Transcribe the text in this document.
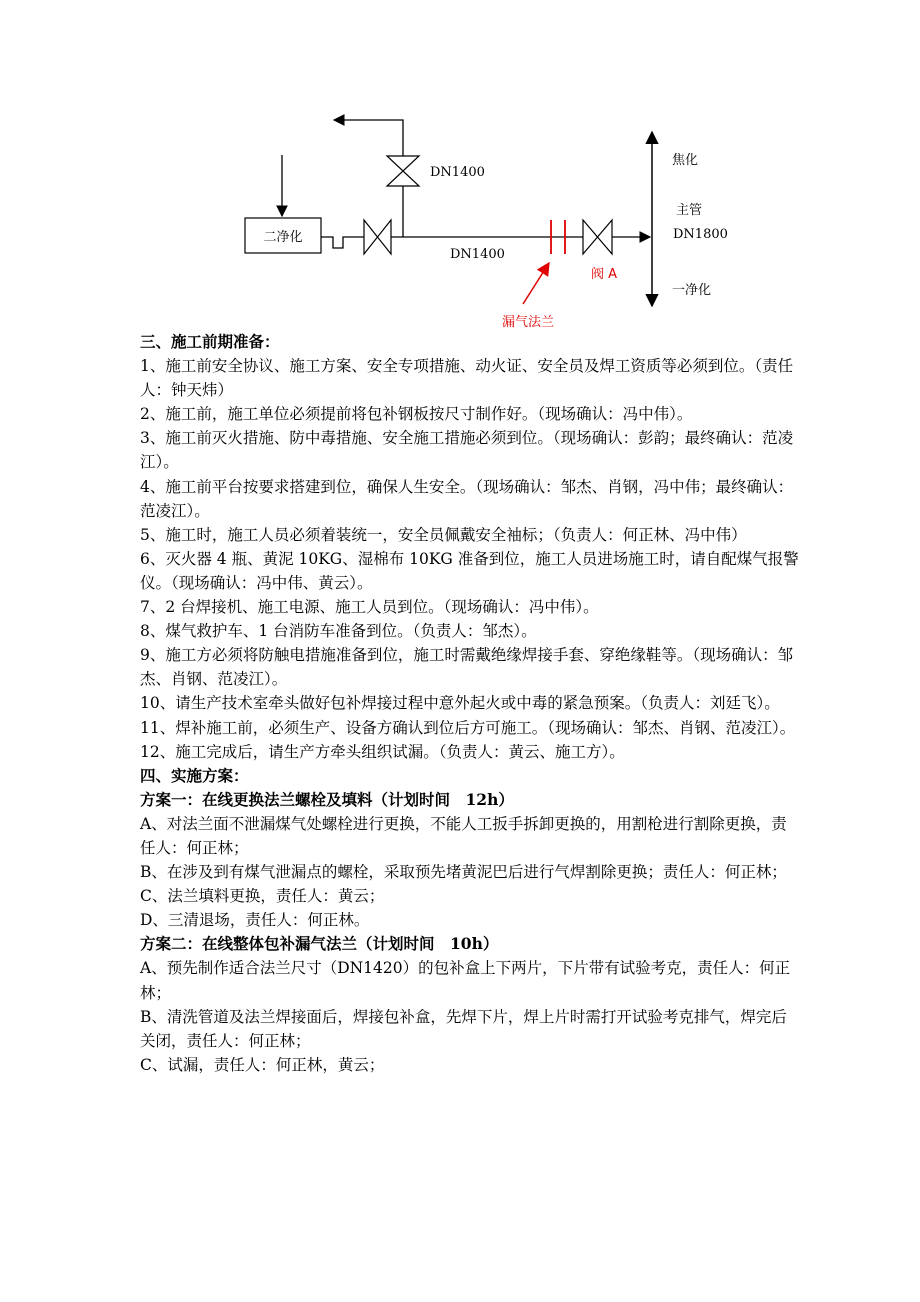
二净化
DN1400
DN1400
阀 A
焦化
主管
DN1800
一净化
漏气法兰

三、施工前期准备：

1、施工前安全协议、施工方案、安全专项措施、动火证、安全员及焊工资质等必须到位。（责任人：钟天炜）

2、施工前，施工单位必须提前将包补钢板按尺寸制作好。（现场确认：冯中伟）。

3、施工前灭火措施、防中毒措施、安全施工措施必须到位。（现场确认：彭韵；最终确认：范凌江）。

4、施工前平台按要求搭建到位，确保人生安全。（现场确认：邹杰、肖钢，冯中伟；最终确认：范凌江）。

5、施工时，施工人员必须着装统一，安全员佩戴安全袖标；（负责人：何正林、冯中伟）

6、灭火器 4 瓶、黄泥 10KG、湿棉布 10KG 准备到位，施工人员进场施工时，请自配煤气报警仪。（现场确认：冯中伟、黄云）。

7、2 台焊接机、施工电源、施工人员到位。（现场确认：冯中伟）。

8、煤气救护车、1 台消防车准备到位。（负责人：邹杰）。

9、施工方必须将防触电措施准备到位，施工时需戴绝缘焊接手套、穿绝缘鞋等。（现场确认：邹杰、肖钢、范凌江）。

10、请生产技术室牵头做好包补焊接过程中意外起火或中毒的紧急预案。（负责人：刘廷飞）。

11、焊补施工前，必须生产、设备方确认到位后方可施工。（现场确认：邹杰、肖钢、范凌江）。

12、施工完成后，请生产方牵头组织试漏。（负责人：黄云、施工方）。

四、实施方案：

方案一：在线更换法兰螺栓及填料（计划时间　12h）

A、对法兰面不泄漏煤气处螺栓进行更换，不能人工扳手拆卸更换的，用割枪进行割除更换，责任人：何正林；

B、在涉及到有煤气泄漏点的螺栓，采取预先堵黄泥巴后进行气焊割除更换；责任人：何正林；

C、法兰填料更换，责任人：黄云；

D、三清退场，责任人：何正林。

方案二：在线整体包补漏气法兰（计划时间　10h）

A、预先制作适合法兰尺寸（DN1420）的包补盒上下两片，下片带有试验考克，责任人：何正林；

B、清洗管道及法兰焊接面后，焊接包补盒，先焊下片，焊上片时需打开试验考克排气，焊完后关闭，责任人：何正林；

C、试漏，责任人：何正林，黄云；
